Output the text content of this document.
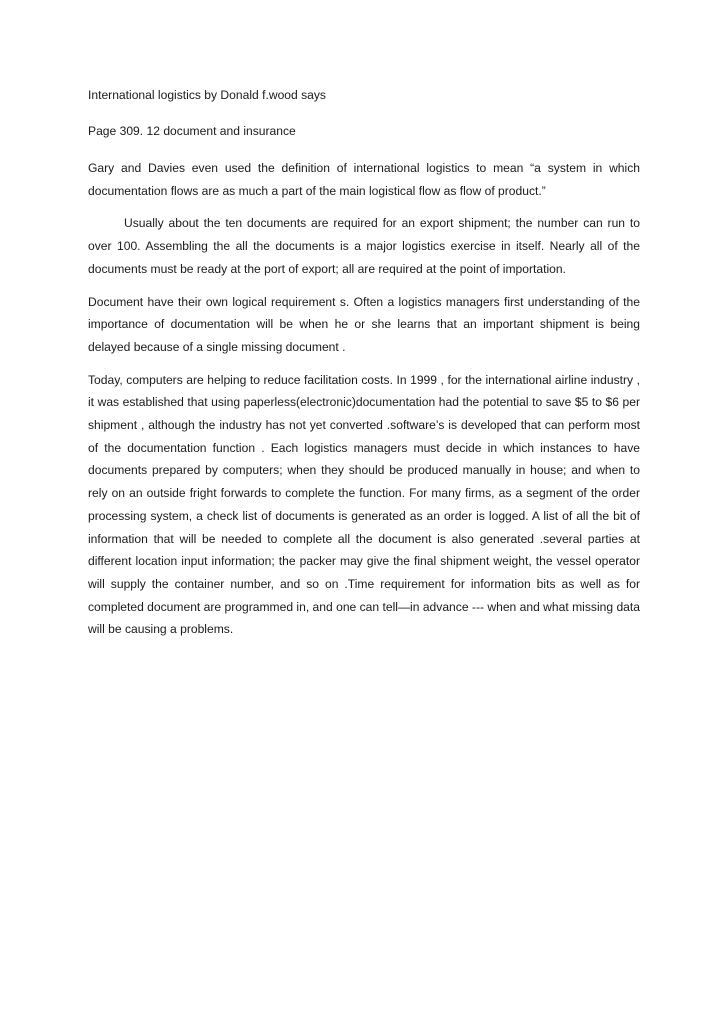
International logistics by Donald f.wood says

Page 309. 12 document and insurance

Gary and Davies even used the definition of international logistics to mean “a system in which documentation flows are as much a part of the main logistical flow as flow of product.”

Usually about the ten documents are required for an export shipment; the number can run to over 100. Assembling the all the documents is a major logistics exercise in itself. Nearly all of the documents must be ready at the port of export; all are required at the point of importation.

Document have their own logical requirement s. Often a logistics managers first understanding of the importance of documentation will be when he or she learns that an important shipment is being delayed because of a single missing document .

Today, computers are helping to reduce facilitation costs. In 1999 , for the international airline industry , it was established that using paperless(electronic)documentation had the potential to save $5 to $6 per shipment , although the industry has not yet converted .software’s is developed that can perform most of the documentation function . Each logistics managers must decide in which instances to have documents prepared by computers; when they should be produced manually in house; and when to rely on an outside fright forwards to complete the function. For many firms, as a segment of the order processing system, a check list of documents is generated as an order is logged. A list of all the bit of information that will be needed to complete all the document is also generated .several parties at different location input information; the packer may give the final shipment weight, the vessel operator will supply the container number, and so on .Time requirement for information bits as well as for completed document are programmed in, and one can tell—in advance --- when and what missing data will be causing a problems.
